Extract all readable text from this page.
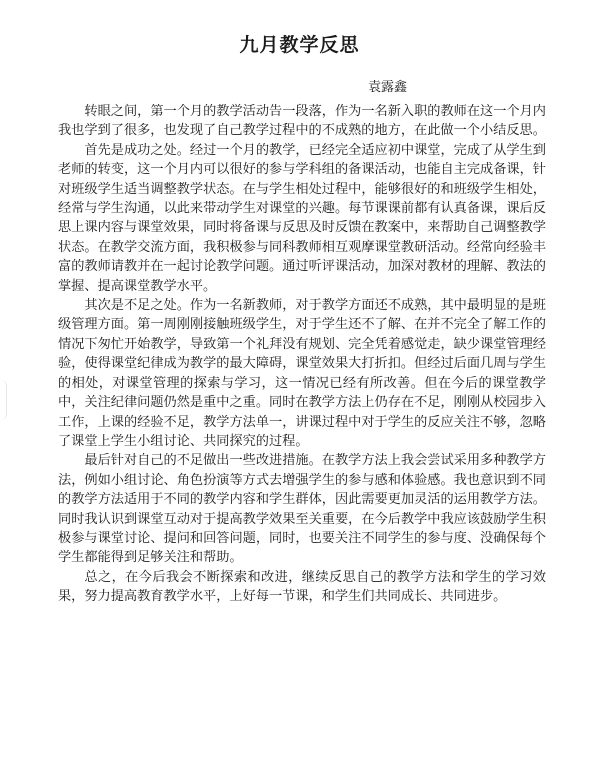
九月教学反思
袁露鑫

转眼之间，第一个月的教学活动告一段落，作为一名新入职的教师在这一个月内我也学到了很多，也发现了自己教学过程中的不成熟的地方，在此做一个小结反思。

首先是成功之处。经过一个月的教学，已经完全适应初中课堂，完成了从学生到老师的转变，这一个月内可以很好的参与学科组的备课活动，也能自主完成备课，针对班级学生适当调整教学状态。在与学生相处过程中，能够很好的和班级学生相处，经常与学生沟通，以此来带动学生对课堂的兴趣。每节课课前都有认真备课，课后反思上课内容与课堂效果，同时将备课与反思及时反馈在教案中，来帮助自己调整教学状态。在教学交流方面，我积极参与同科教师相互观摩课堂教研活动。经常向经验丰富的教师请教并在一起讨论教学问题。通过听评课活动，加深对教材的理解、教法的掌握、提高课堂教学水平。

其次是不足之处。作为一名新教师，对于教学方面还不成熟，其中最明显的是班级管理方面。第一周刚刚接触班级学生，对于学生还不了解、在并不完全了解工作的情况下匆忙开始教学，导致第一个礼拜没有规划、完全凭着感觉走，缺少课堂管理经验，使得课堂纪律成为教学的最大障碍，课堂效果大打折扣。但经过后面几周与学生的相处，对课堂管理的探索与学习，这一情况已经有所改善。但在今后的课堂教学中，关注纪律问题仍然是重中之重。同时在教学方法上仍存在不足，刚刚从校园步入工作，上课的经验不足，教学方法单一，讲课过程中对于学生的反应关注不够，忽略了课堂上学生小组讨论、共同探究的过程。

最后针对自己的不足做出一些改进措施。在教学方法上我会尝试采用多种教学方法，例如小组讨论、角色扮演等方式去增强学生的参与感和体验感。我也意识到不同的教学方法适用于不同的教学内容和学生群体，因此需要更加灵活的运用教学方法。同时我认识到课堂互动对于提高教学效果至关重要，在今后教学中我应该鼓励学生积极参与课堂讨论、提问和回答问题，同时，也要关注不同学生的参与度、没确保每个学生都能得到足够关注和帮助。

总之，在今后我会不断探索和改进，继续反思自己的教学方法和学生的学习效果，努力提高教育教学水平，上好每一节课，和学生们共同成长、共同进步。
